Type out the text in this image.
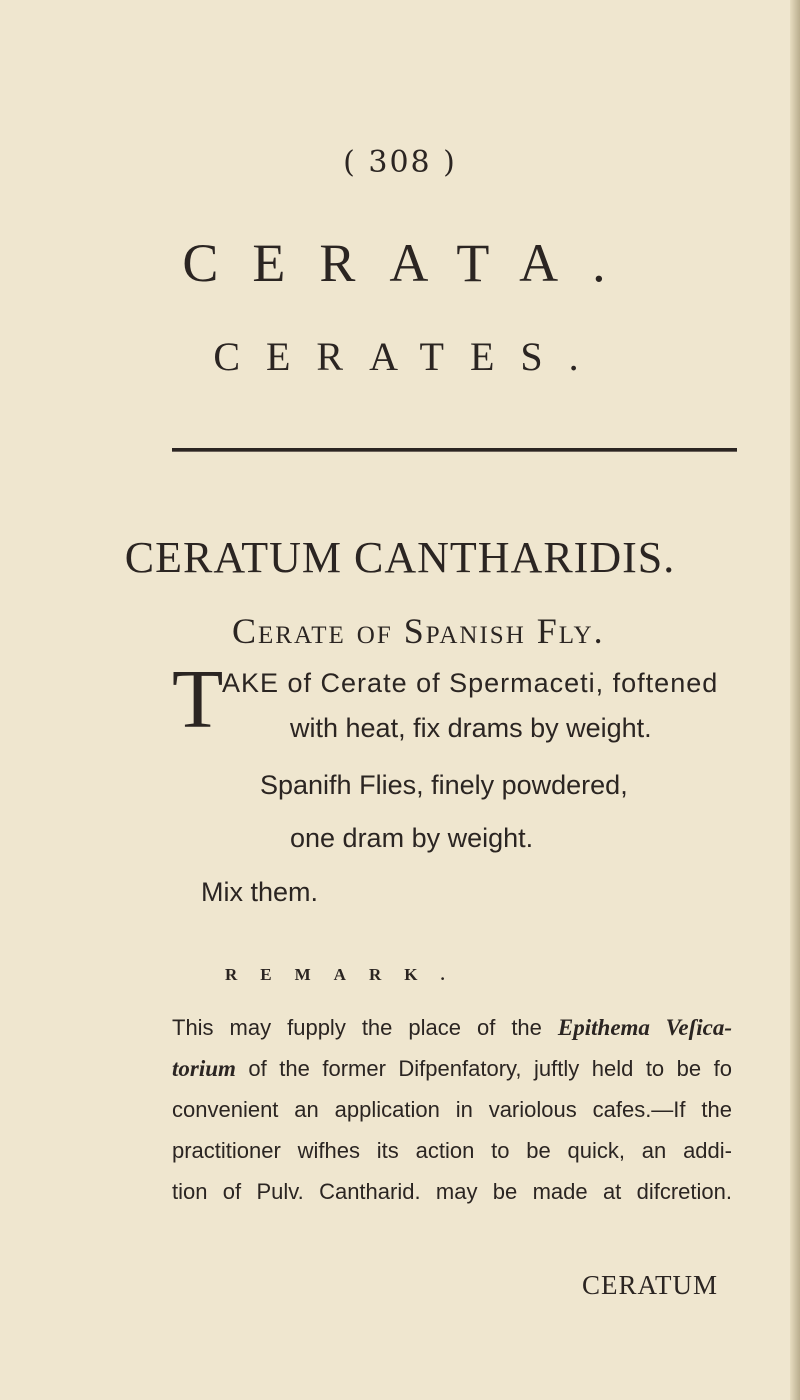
( 308 )
CERATA.
CERATES.
CERATUM CANTHARIDIS.
Cerate of Spanish Fly.
T
AKE of Cerate of Spermaceti, foftened
with heat, fix drams by weight.
Spanifh Flies, finely powdered,
one dram by weight.
Mix them.
REMARK.
This may fupply the place of the Epithema Veſica-
torium of the former Difpenfatory, juftly held to be fo
convenient an application in variolous cafes.—If the
practitioner wifhes its action to be quick, an addi-
tion of Pulv. Cantharid. may be made at difcretion.
CERATUM
